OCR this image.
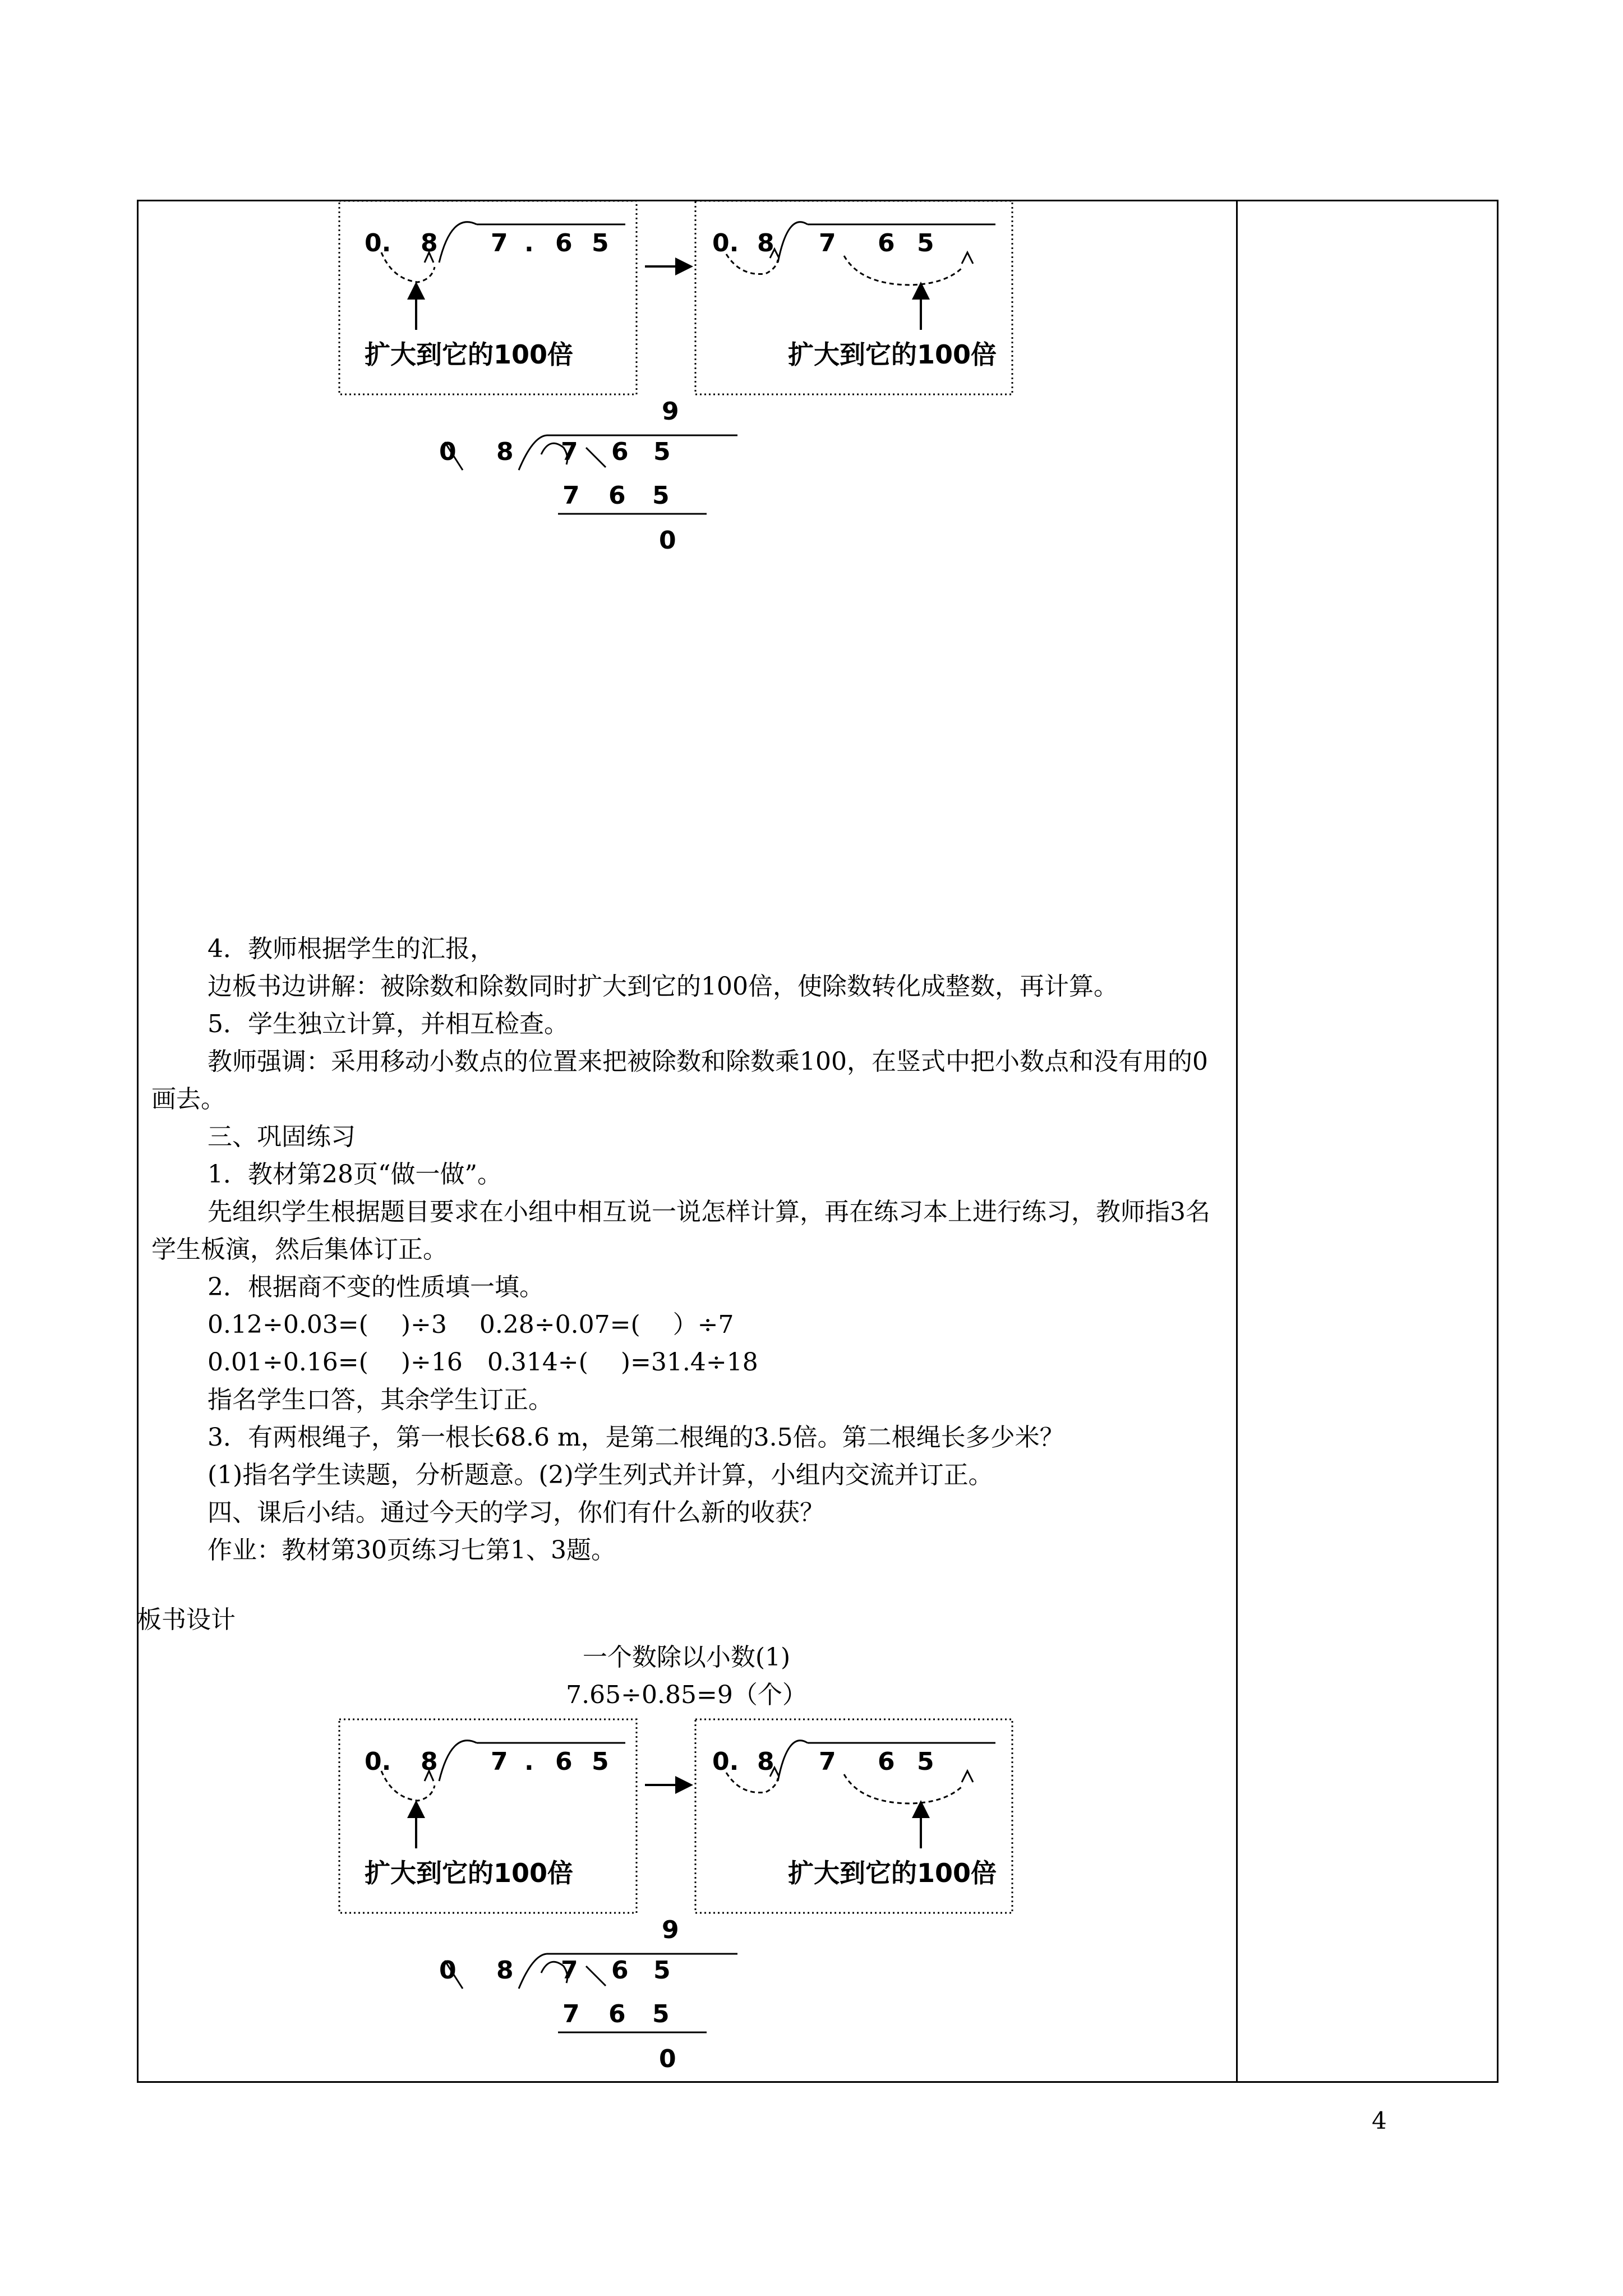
0. 8 7 . 6 5
扩大到它的100倍
0. 8 7 6 5
扩大到它的100倍
9
0 8 7 6 5
7 6 5
0

4．教师根据学生的汇报，

边板书边讲解：被除数和除数同时扩大到它的100倍，使除数转化成整数，再计算。

5．学生独立计算，并相互检查。

教师强调：采用移动小数点的位置来把被除数和除数乘100，在竖式中把小数点和没有用的0画去。

三、巩固练习

1．教材第28页“做一做”。

先组织学生根据题目要求在小组中相互说一说怎样计算，再在练习本上进行练习，教师指3名学生板演，然后集体订正。

2．根据商不变的性质填一填。

0.12÷0.03=(　 )÷3　 0.28÷0.07=(　 ）÷7

0.01÷0.16=(　 )÷16　0.314÷(　 )=31.4÷18

指名学生口答，其余学生订正。

3．有两根绳子，第一根长68.6 m，是第二根绳的3.5倍。第二根绳长多少米？

(1)指名学生读题，分析题意。(2)学生列式并计算，小组内交流并订正。

四、课后小结。通过今天的学习，你们有什么新的收获？

作业：教材第30页练习七第1、3题。

板书设计
一个数除以小数(1)
7.65÷0.85=9（个）
0. 8 7 . 6 5
扩大到它的100倍
0. 8 7 6 5
扩大到它的100倍
9
0 8 7 6 5
7 6 5
0
4
